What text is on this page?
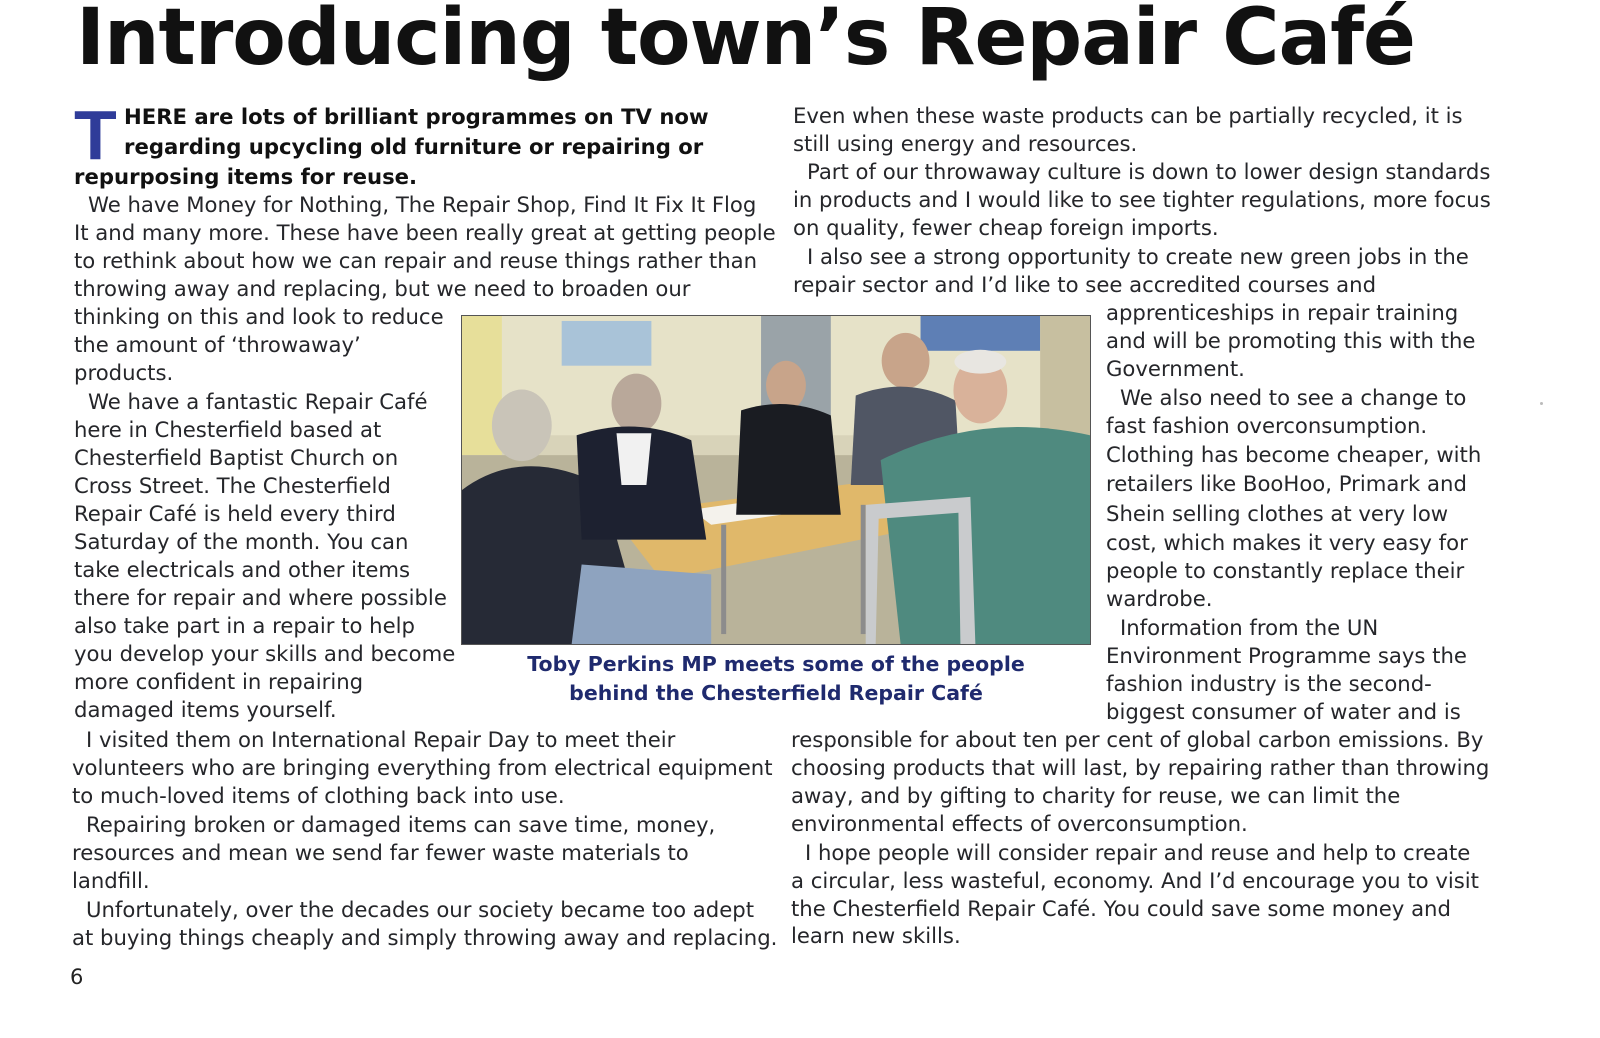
Introducing town’s Repair Café
T HERE are lots of brilliant programmes on TV now

regarding upcycling old furniture or repairing or

repurposing items for reuse.

We have Money for Nothing, The Repair Shop, Find It Fix It Flog

It and many more. These have been really great at getting people

to rethink about how we can repair and reuse things rather than

throwing away and replacing, but we need to broaden our

thinking on this and look to reduce

the amount of ‘throwaway’

products.

We have a fantastic Repair Café

here in Chesterfield based at

Chesterfield Baptist Church on

Cross Street. The Chesterfield

Repair Café is held every third

Saturday of the month. You can

take electricals and other items

there for repair and where possible

also take part in a repair to help

you develop your skills and become

more confident in repairing

damaged items yourself.

I visited them on International Repair Day to meet their

volunteers who are bringing everything from electrical equipment

to much-loved items of clothing back into use.

Repairing broken or damaged items can save time, money,

resources and mean we send far fewer waste materials to

landfill.

Unfortunately, over the decades our society became too adept

at buying things cheaply and simply throwing away and replacing.

Even when these waste products can be partially recycled, it is

still using energy and resources.

Part of our throwaway culture is down to lower design standards

in products and I would like to see tighter regulations, more focus

on quality, fewer cheap foreign imports.

I also see a strong opportunity to create new green jobs in the

repair sector and I’d like to see accredited courses and

apprenticeships in repair training

and will be promoting this with the

Government.

We also need to see a change to

fast fashion overconsumption.

Clothing has become cheaper, with

retailers like BooHoo, Primark and

Shein selling clothes at very low

cost, which makes it very easy for

people to constantly replace their

wardrobe.

Information from the UN

Environment Programme says the

fashion industry is the second-

biggest consumer of water and is

responsible for about ten per cent of global carbon emissions. By

choosing products that will last, by repairing rather than throwing

away, and by gifting to charity for reuse, we can limit the

environmental effects of overconsumption.

I hope people will consider repair and reuse and help to create

a circular, less wasteful, economy. And I’d encourage you to visit

the Chesterfield Repair Café. You could save some money and

learn new skills.

Toby Perkins MP meets some of the people
behind the Chesterfield Repair Café

6
